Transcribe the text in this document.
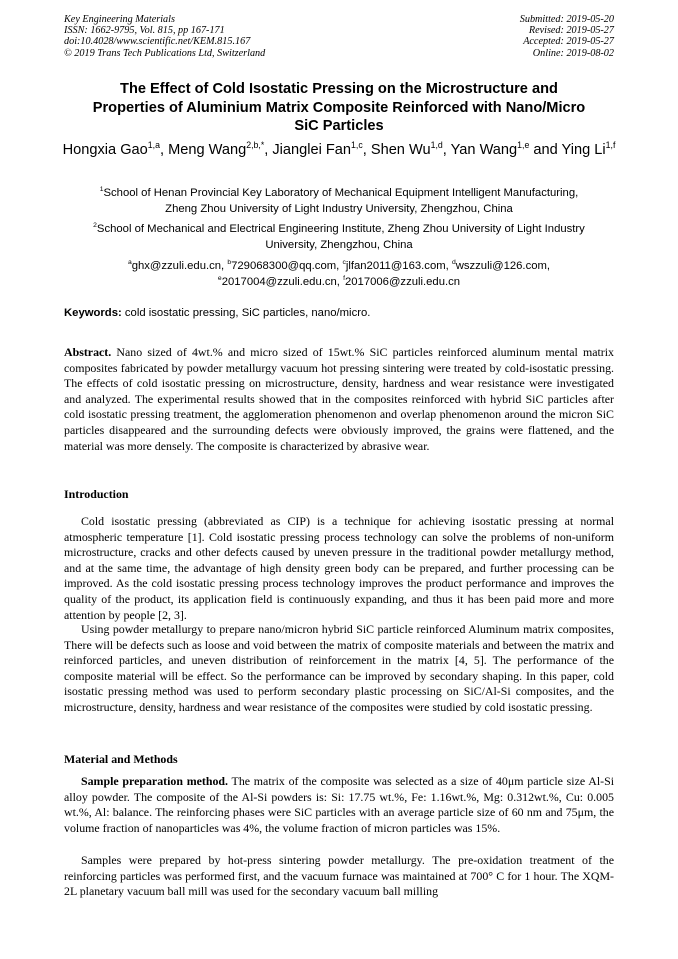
Key Engineering Materials
ISSN: 1662-9795, Vol. 815, pp 167-171
doi:10.4028/www.scientific.net/KEM.815.167
© 2019 Trans Tech Publications Ltd, Switzerland
Submitted: 2019-05-20
Revised: 2019-05-27
Accepted: 2019-05-27
Online: 2019-08-02
The Effect of Cold Isostatic Pressing on the Microstructure and
Properties of Aluminium Matrix Composite Reinforced with Nano/Micro
SiC Particles
Hongxia Gao$^{1,a}$, Meng Wang$^{2,b,*}$, Jianglei Fan$^{1,c}$, Shen Wu$^{1,d}$, Yan Wang$^{1,e}$ and Ying Li$^{1,f}$
$^1$School of Henan Provincial Key Laboratory of Mechanical Equipment Intelligent Manufacturing,
Zheng Zhou University of Light Industry University, Zhengzhou, China
$^2$School of Mechanical and Electrical Engineering Institute, Zheng Zhou University of Light Industry
University, Zhengzhou, China
$^a$ghx@zzuli.edu.cn, $^b$729068300@qq.com, $^c$jlfan2011@163.com, $^d$wszzuli@126.com,
$^e$2017004@zzuli.edu.cn, $^f$2017006@zzuli.edu.cn
Keywords: cold isostatic pressing, SiC particles, nano/micro.

Abstract. Nano sized of 4wt.% and micro sized of 15wt.% SiC particles reinforced aluminum mental matrix composites fabricated by powder metallurgy vacuum hot pressing sintering were treated by cold-isostatic pressing. The effects of cold isostatic pressing on microstructure, density, hardness and wear resistance were investigated and analyzed. The experimental results showed that in the composites reinforced with hybrid SiC particles after cold isostatic pressing treatment, the agglomeration phenomenon and overlap phenomenon around the micron SiC particles disappeared and the surrounding defects were obviously improved, the grains were flattened, and the material was more densely. The composite is characterized by abrasive wear.

Introduction

Cold isostatic pressing (abbreviated as CIP) is a technique for achieving isostatic pressing at normal atmospheric temperature [1]. Cold isostatic pressing process technology can solve the problems of non-uniform microstructure, cracks and other defects caused by uneven pressure in the traditional powder metallurgy method, and at the same time, the advantage of high density green body can be prepared, and further processing can be improved. As the cold isostatic pressing process technology improves the product performance and improves the quality of the product, its application field is continuously expanding, and thus it has been paid more and more attention by people [2, 3].

Using powder metallurgy to prepare nano/micron hybrid SiC particle reinforced Aluminum matrix composites, There will be defects such as loose and void between the matrix of composite materials and between the matrix and reinforced particles, and uneven distribution of reinforcement in the matrix [4, 5]. The performance of the composite material will be effect. So the performance can be improved by secondary shaping. In this paper, cold isostatic pressing method was used to perform secondary plastic processing on SiC/Al-Si composites, and the microstructure, density, hardness and wear resistance of the composites were studied by cold isostatic pressing.

Material and Methods

Sample preparation method. The matrix of the composite was selected as a size of 40μm particle size Al-Si alloy powder. The composite of the Al-Si powders is: Si: 17.75 wt.%, Fe: 1.16wt.%, Mg: 0.312wt.%, Cu: 0.005 wt.%, Al: balance. The reinforcing phases were SiC particles with an average particle size of 60 nm and 75μm, the volume fraction of nanoparticles was 4%, the volume fraction of micron particles was 15%.

Samples were prepared by hot-press sintering powder metallurgy. The pre-oxidation treatment of the reinforcing particles was performed first, and the vacuum furnace was maintained at 700° C for 1 hour. The XQM-2L planetary vacuum ball mill was used for the secondary vacuum ball milling
